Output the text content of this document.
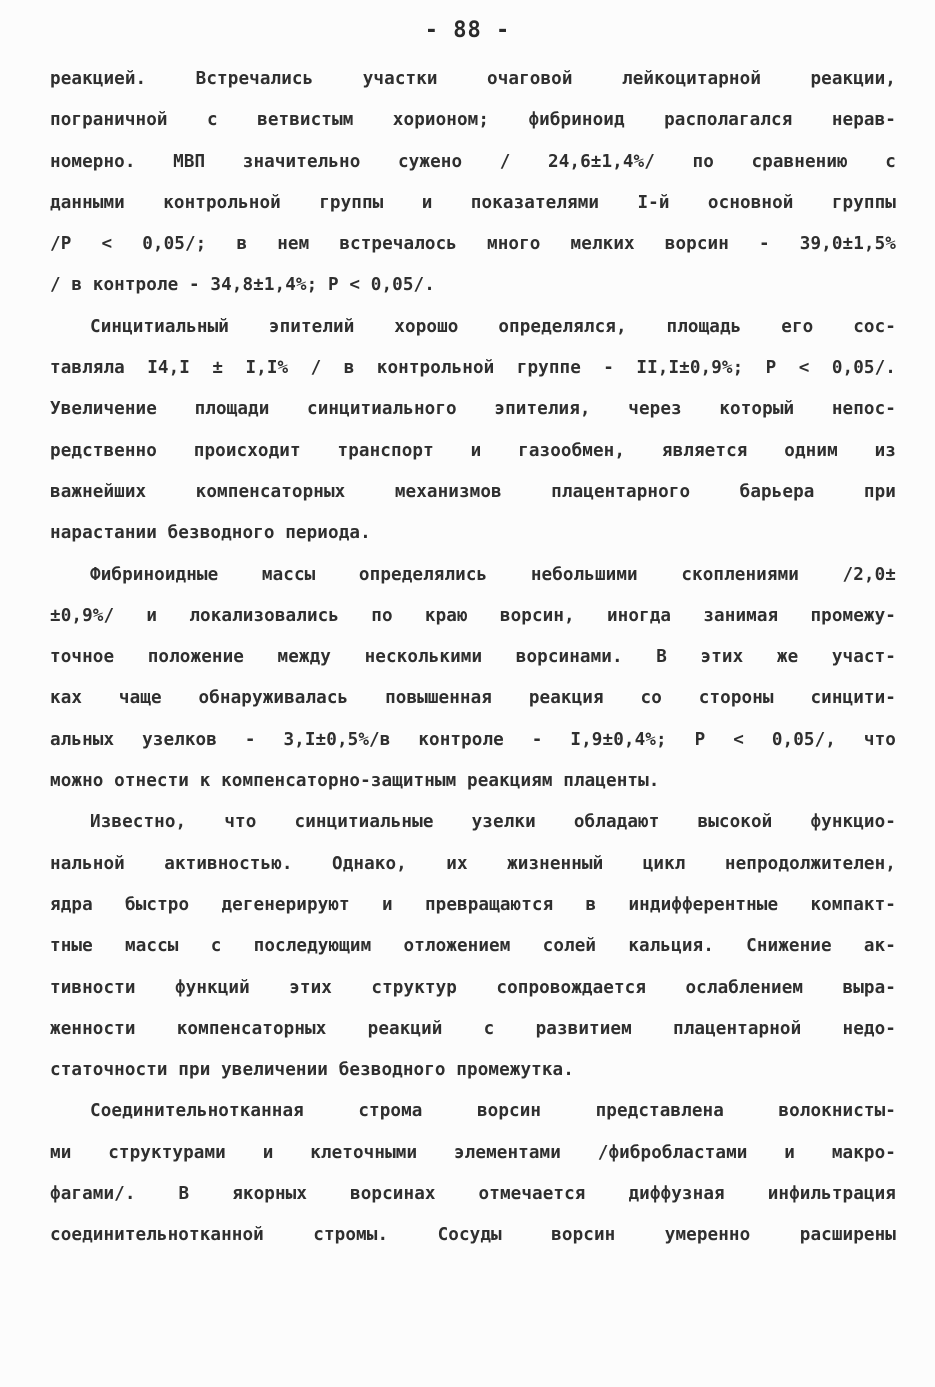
- 88 -
реакцией. Встречались участки очаговой лейкоцитарной реакции,
пограничной с ветвистым хорионом; фибриноид располагался нерав-
номерно. МВП значительно сужено / 24,6±1,4%/ по сравнению с
данными контрольной группы и показателями I-й основной группы
/Р < 0,05/; в нем встречалось много мелких ворсин - 39,0±1,5%
/ в контроле - 34,8±1,4%; Р < 0,05/.
Синцитиальный эпителий хорошо определялся, площадь его сос-
тавляла I4,I ± I,I% / в контрольной группе - II,I±0,9%; Р < 0,05/.
Увеличение площади синцитиального эпителия, через который непос-
редственно происходит транспорт и газообмен, является одним из
важнейших компенсаторных механизмов плацентарного барьера при
нарастании безводного периода.
Фибриноидные массы определялись небольшими скоплениями /2,0±
±0,9%/ и локализовались по краю ворсин, иногда занимая промежу-
точное положение между несколькими ворсинами. В этих же участ-
ках чаще обнаруживалась повышенная реакция со стороны синцити-
альных узелков - 3,I±0,5%/в контроле - I,9±0,4%; Р < 0,05/, что
можно отнести к компенсаторно-защитным реакциям плаценты.
Известно, что синцитиальные узелки обладают высокой функцио-
нальной активностью. Однако, их жизненный цикл непродолжителен,
ядра быстро дегенерируют и превращаются в индифферентные компакт-
тные массы с последующим отложением солей кальция. Снижение ак-
тивности функций этих структур сопровождается ослаблением выра-
женности компенсаторных реакций с развитием плацентарной недо-
статочности при увеличении безводного промежутка.
Соединительнотканная строма ворсин представлена волокнисты-
ми структурами и клеточными элементами /фибробластами и макро-
фагами/. В якорных ворсинах отмечается диффузная инфильтрация
соединительнотканной стромы. Сосуды ворсин умеренно расширены
